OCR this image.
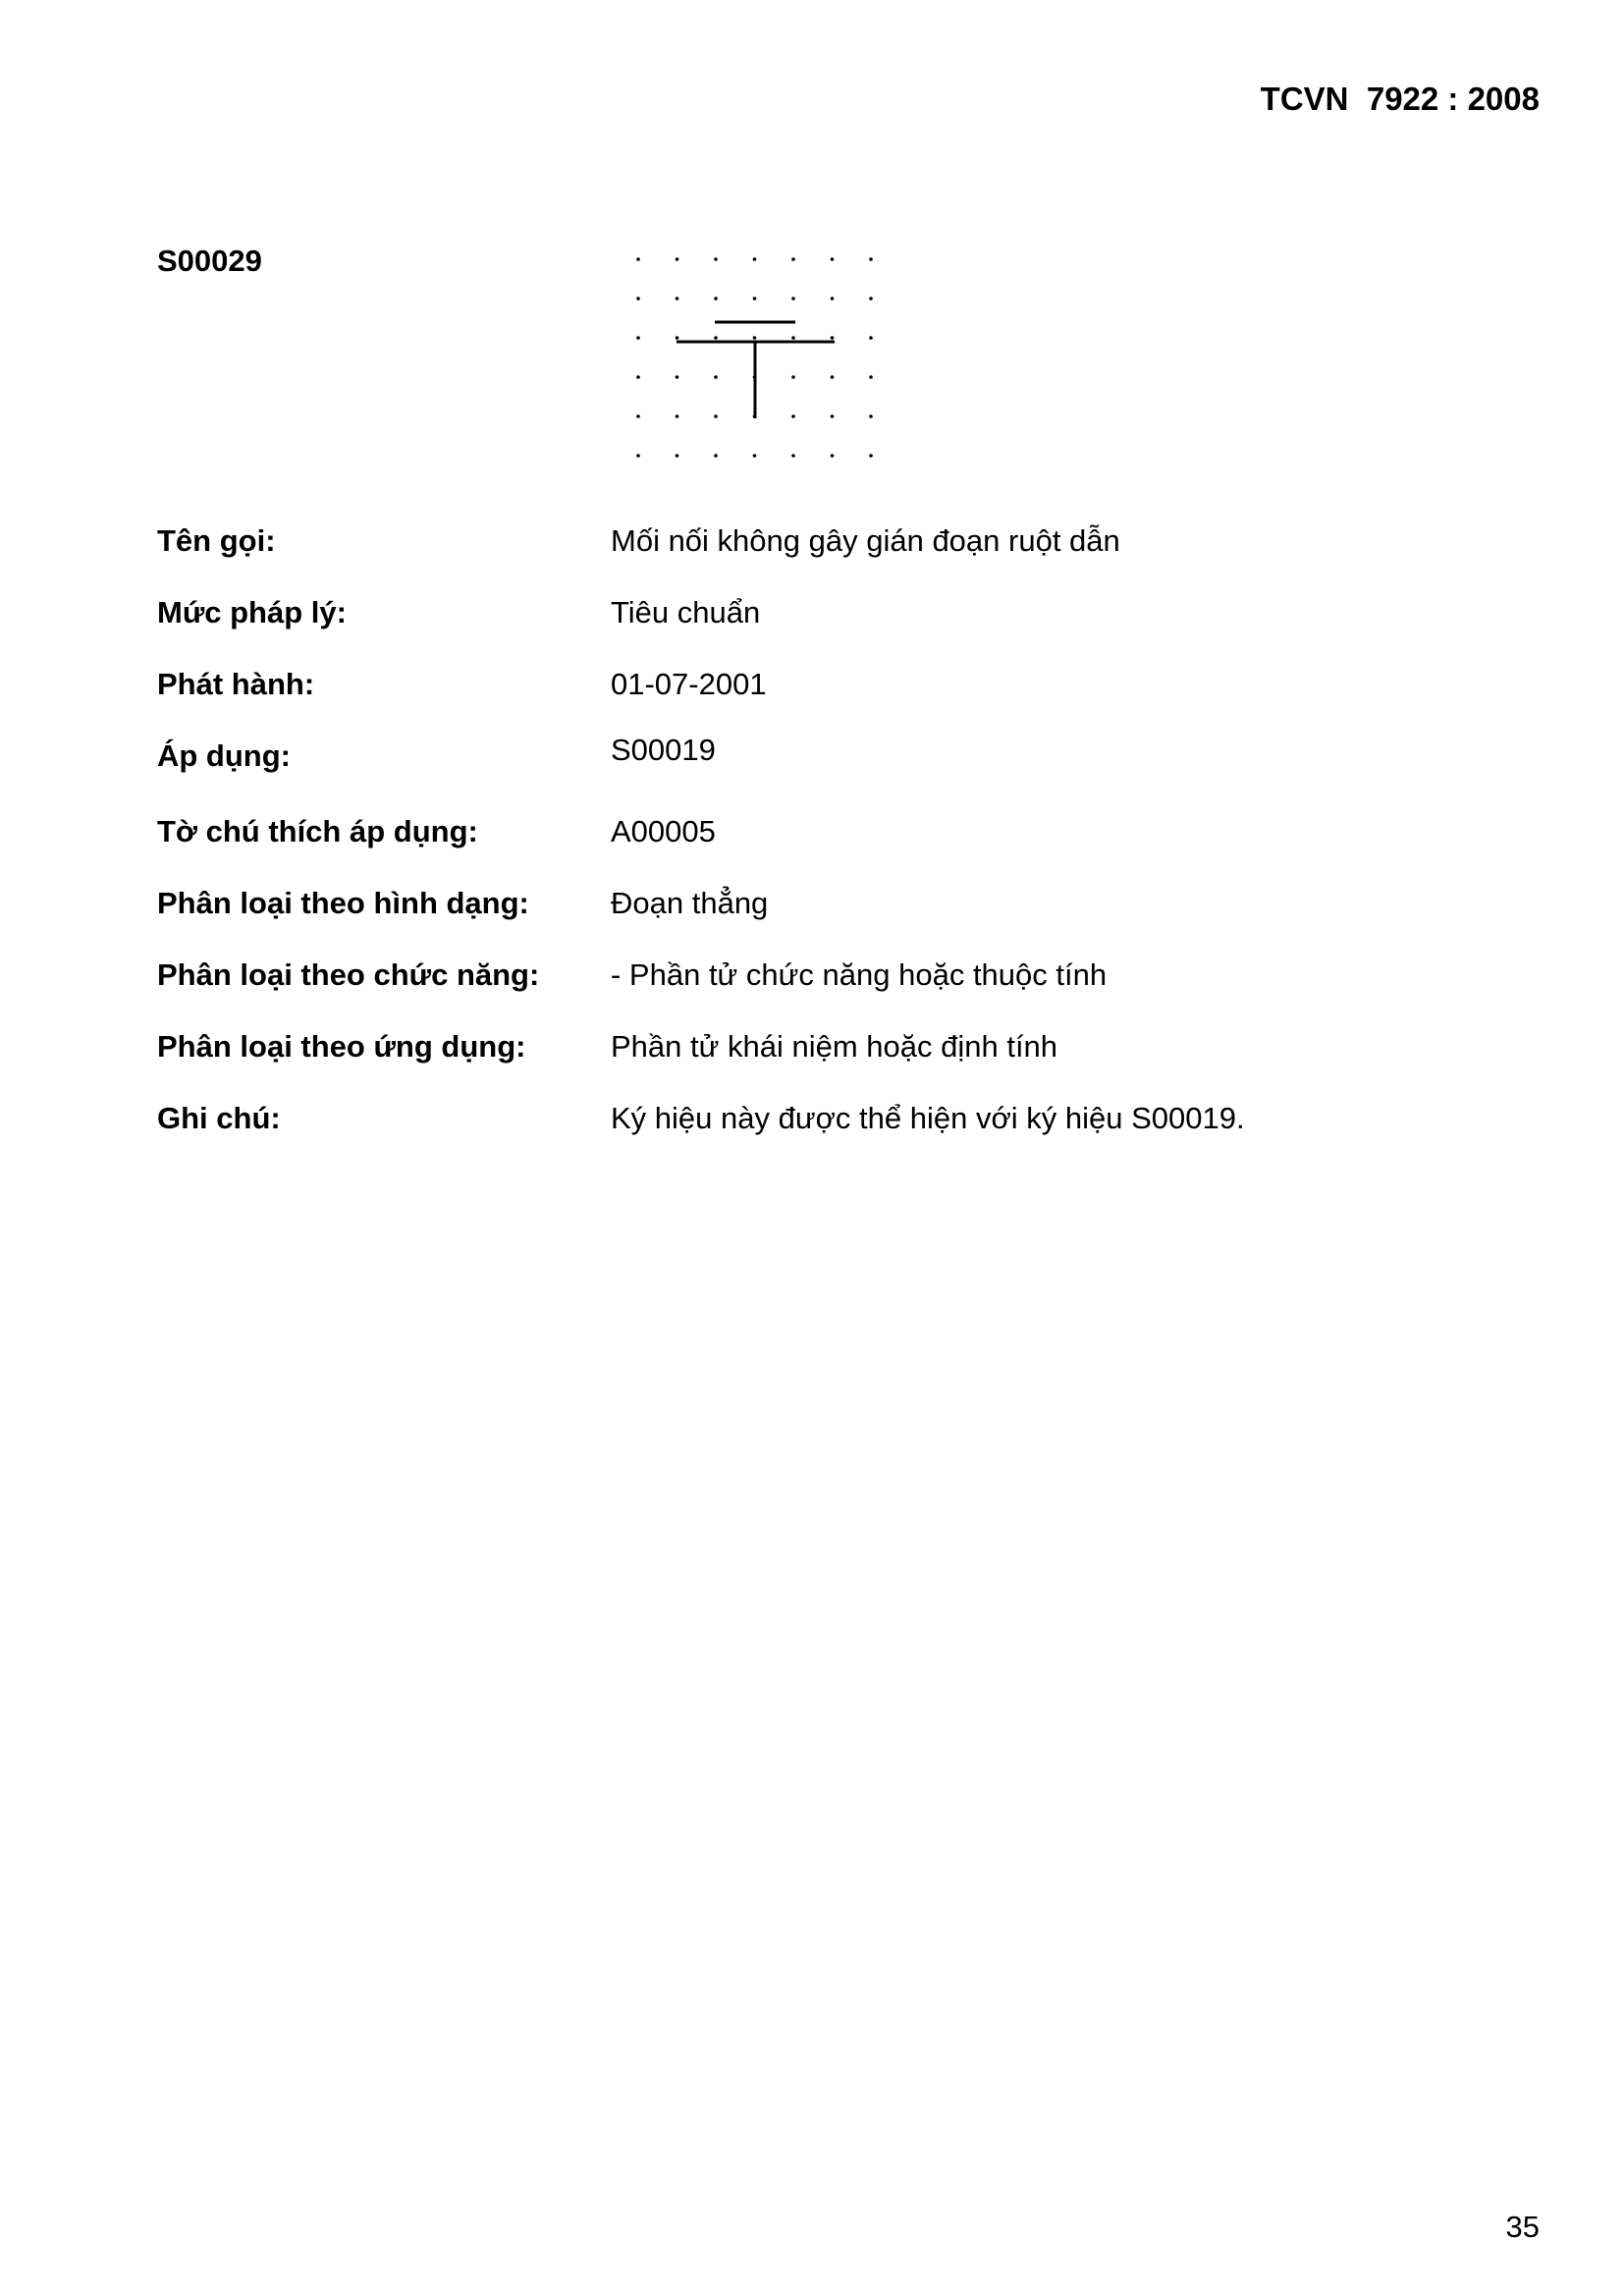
TCVN  7922 : 2008
S00029
Tên gọi:	Mối nối không gây gián đoạn ruột dẫn
Mức pháp lý:	Tiêu chuẩn
Phát hành:	01-07-2001
Áp dụng:	S00019
Tờ chú thích áp dụng:	A00005
Phân loại theo hình dạng:	Đoạn thẳng
Phân loại theo chức năng: - Phần tử chức năng hoặc thuộc tính
Phân loại theo ứng dụng:	Phần tử khái niệm hoặc định tính
Ghi chú:	Ký hiệu này được thể hiện với ký hiệu S00019.
35
